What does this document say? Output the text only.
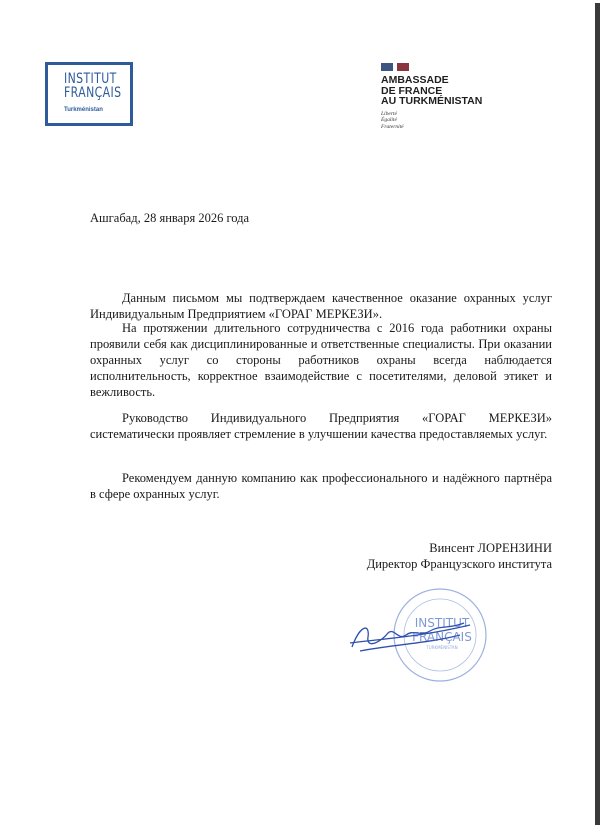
INSTITUT
FRANÇAIS
Turkménistan
AMBASSADE
DE FRANCE
AU TURKMÉNISTAN
Liberté
Égalité
Fraternité
Ашгабад, 28 января 2026 года
Данным письмом мы подтверждаем качественное оказание охранных услуг Индивидуальным Предприятием «ГОРАГ МЕРКЕЗИ».
На протяжении длительного сотрудничества с 2016 года работники охраны проявили себя как дисциплинированные и ответственные специалисты. При оказании охранных услуг со стороны работников охраны всегда наблюдается исполнительность, корректное взаимодействие с посетителями, деловой этикет и вежливость.
Руководство Индивидуального Предприятия «ГОРАГ МЕРКЕЗИ» систематически проявляет стремление в улучшении качества предоставляемых услуг.
Рекомендуем данную компанию как профессионального и надёжного партнёра в сфере охранных услуг.
Винсент ЛОРЕНЗИНИ
Директор Французского института
INSTITUT
FRANÇAIS
TURKMÉNISTAN
